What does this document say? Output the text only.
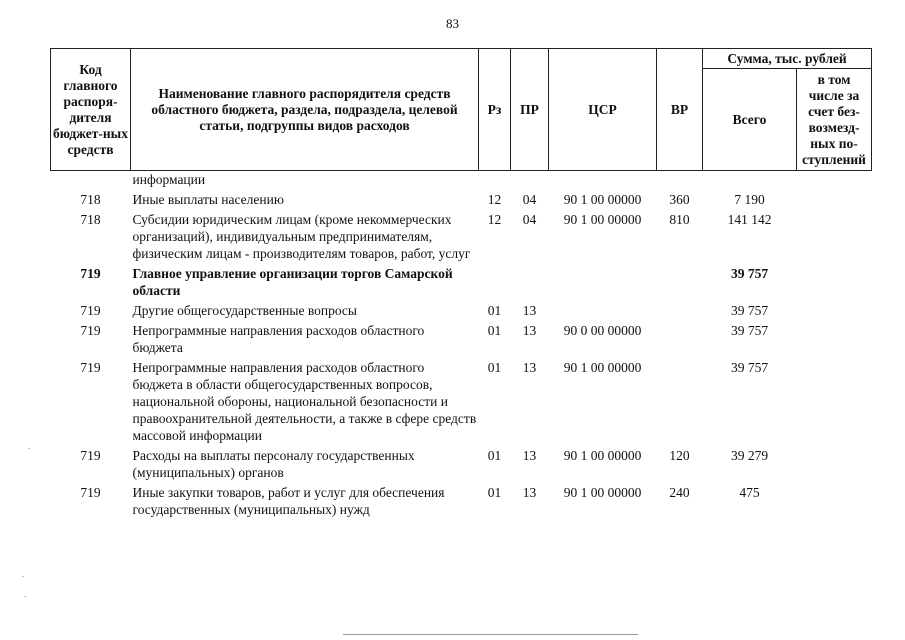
83
Код главного распоря-дителя бюджет-ных средств	Наименование главного распорядителя средств областного бюджета, раздела, подраздела, целевой статьи, подгруппы видов расходов	Рз	ПР	ЦСР	ВР	Сумма, тыс. рублей	
						Всего	в том числе за счет без-возмезд-ных по-ступлений
	информации						
718	Иные выплаты населению	12	04	90 1 00 00000	360	7 190	
718	Субсидии юридическим лицам (кроме некоммерческих организаций), индивидуальным предпринимателям, физическим лицам - производителям товаров, работ, услуг	12	04	90 1 00 00000	810	141 142	
719	Главное управление организации торгов Самарской области					39 757	
719	Другие общегосударственные вопросы	01	13			39 757	
719	Непрограммные направления расходов областного бюджета	01	13	90 0 00 00000		39 757	
719	Непрограммные направления расходов областного бюджета в области общегосударственных вопросов, национальной обороны, национальной безопасности и правоохранительной деятельности, а также в сфере средств массовой информации	01	13	90 1 00 00000		39 757	
719	Расходы на выплаты персоналу государственных (муниципальных) органов	01	13	90 1 00 00000	120	39 279	
719	Иные закупки товаров, работ и услуг для обеспечения государственных (муниципальных) нужд	01	13	90 1 00 00000	240	475	
